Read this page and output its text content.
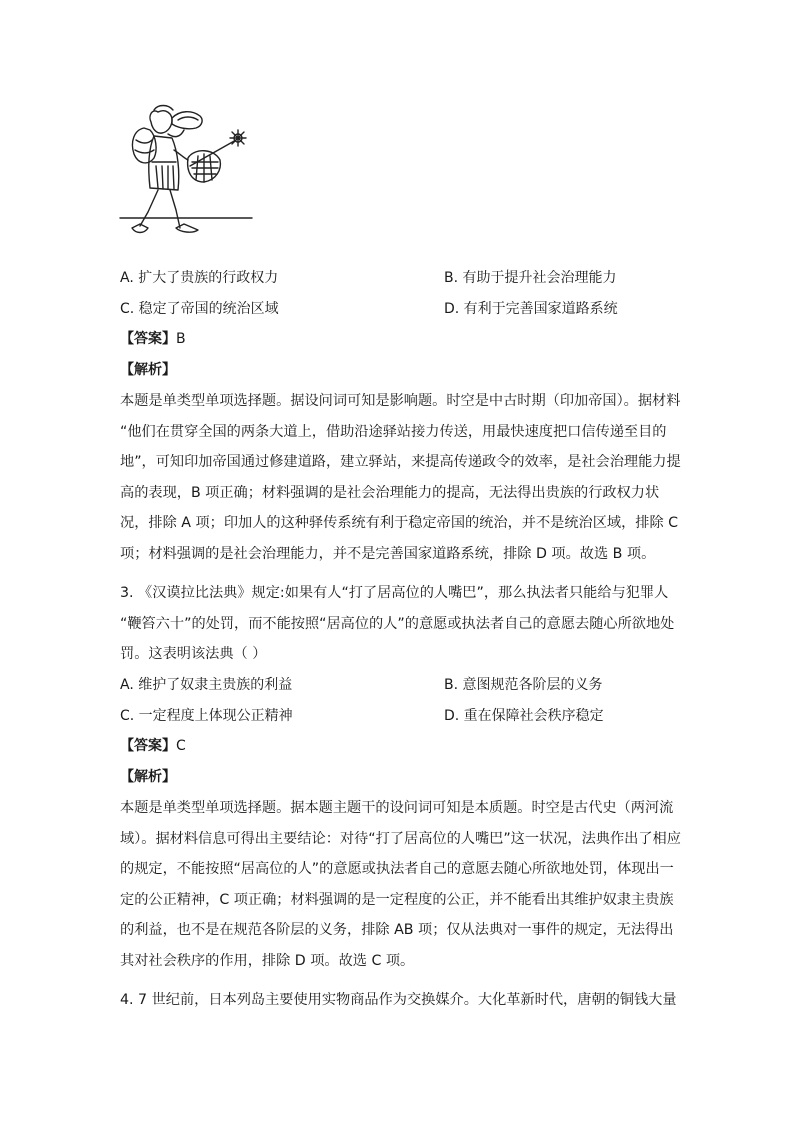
A. 扩大了贵族的行政权力	B. 有助于提升社会治理能力
C. 稳定了帝国的统治区域	D. 有利于完善国家道路系统
【答案】B
【解析】
本题是单类型单项选择题。据设问词可知是影响题。时空是中古时期（印加帝国）。据材料
“他们在贯穿全国的两条大道上，借助沿途驿站接力传送，用最快速度把口信传递至目的
地”，可知印加帝国通过修建道路，建立驿站，来提高传递政令的效率，是社会治理能力提
高的表现，B 项正确；材料强调的是社会治理能力的提高，无法得出贵族的行政权力状
况，排除 A 项；印加人的这种驿传系统有利于稳定帝国的统治，并不是统治区域，排除 C
项；材料强调的是社会治理能力，并不是完善国家道路系统，排除 D 项。故选 B 项。
3. 《汉谟拉比法典》规定:如果有人“打了居高位的人嘴巴”，那么执法者只能给与犯罪人
“鞭笞六十”的处罚，而不能按照“居高位的人”的意愿或执法者自己的意愿去随心所欲地处
罚。这表明该法典（ ）
A. 维护了奴隶主贵族的利益	B. 意图规范各阶层的义务
C. 一定程度上体现公正精神	D. 重在保障社会秩序稳定
【答案】C
【解析】
本题是单类型单项选择题。据本题主题干的设问词可知是本质题。时空是古代史（两河流
域）。据材料信息可得出主要结论：对待“打了居高位的人嘴巴”这一状况，法典作出了相应
的规定，不能按照“居高位的人”的意愿或执法者自己的意愿去随心所欲地处罚，体现出一
定的公正精神，C 项正确；材料强调的是一定程度的公正，并不能看出其维护奴隶主贵族
的利益，也不是在规范各阶层的义务，排除 AB 项；仅从法典对一事件的规定，无法得出
其对社会秩序的作用，排除 D 项。故选 C 项。
4. 7 世纪前，日本列岛主要使用实物商品作为交换媒介。大化革新时代，唐朝的铜钱大量
